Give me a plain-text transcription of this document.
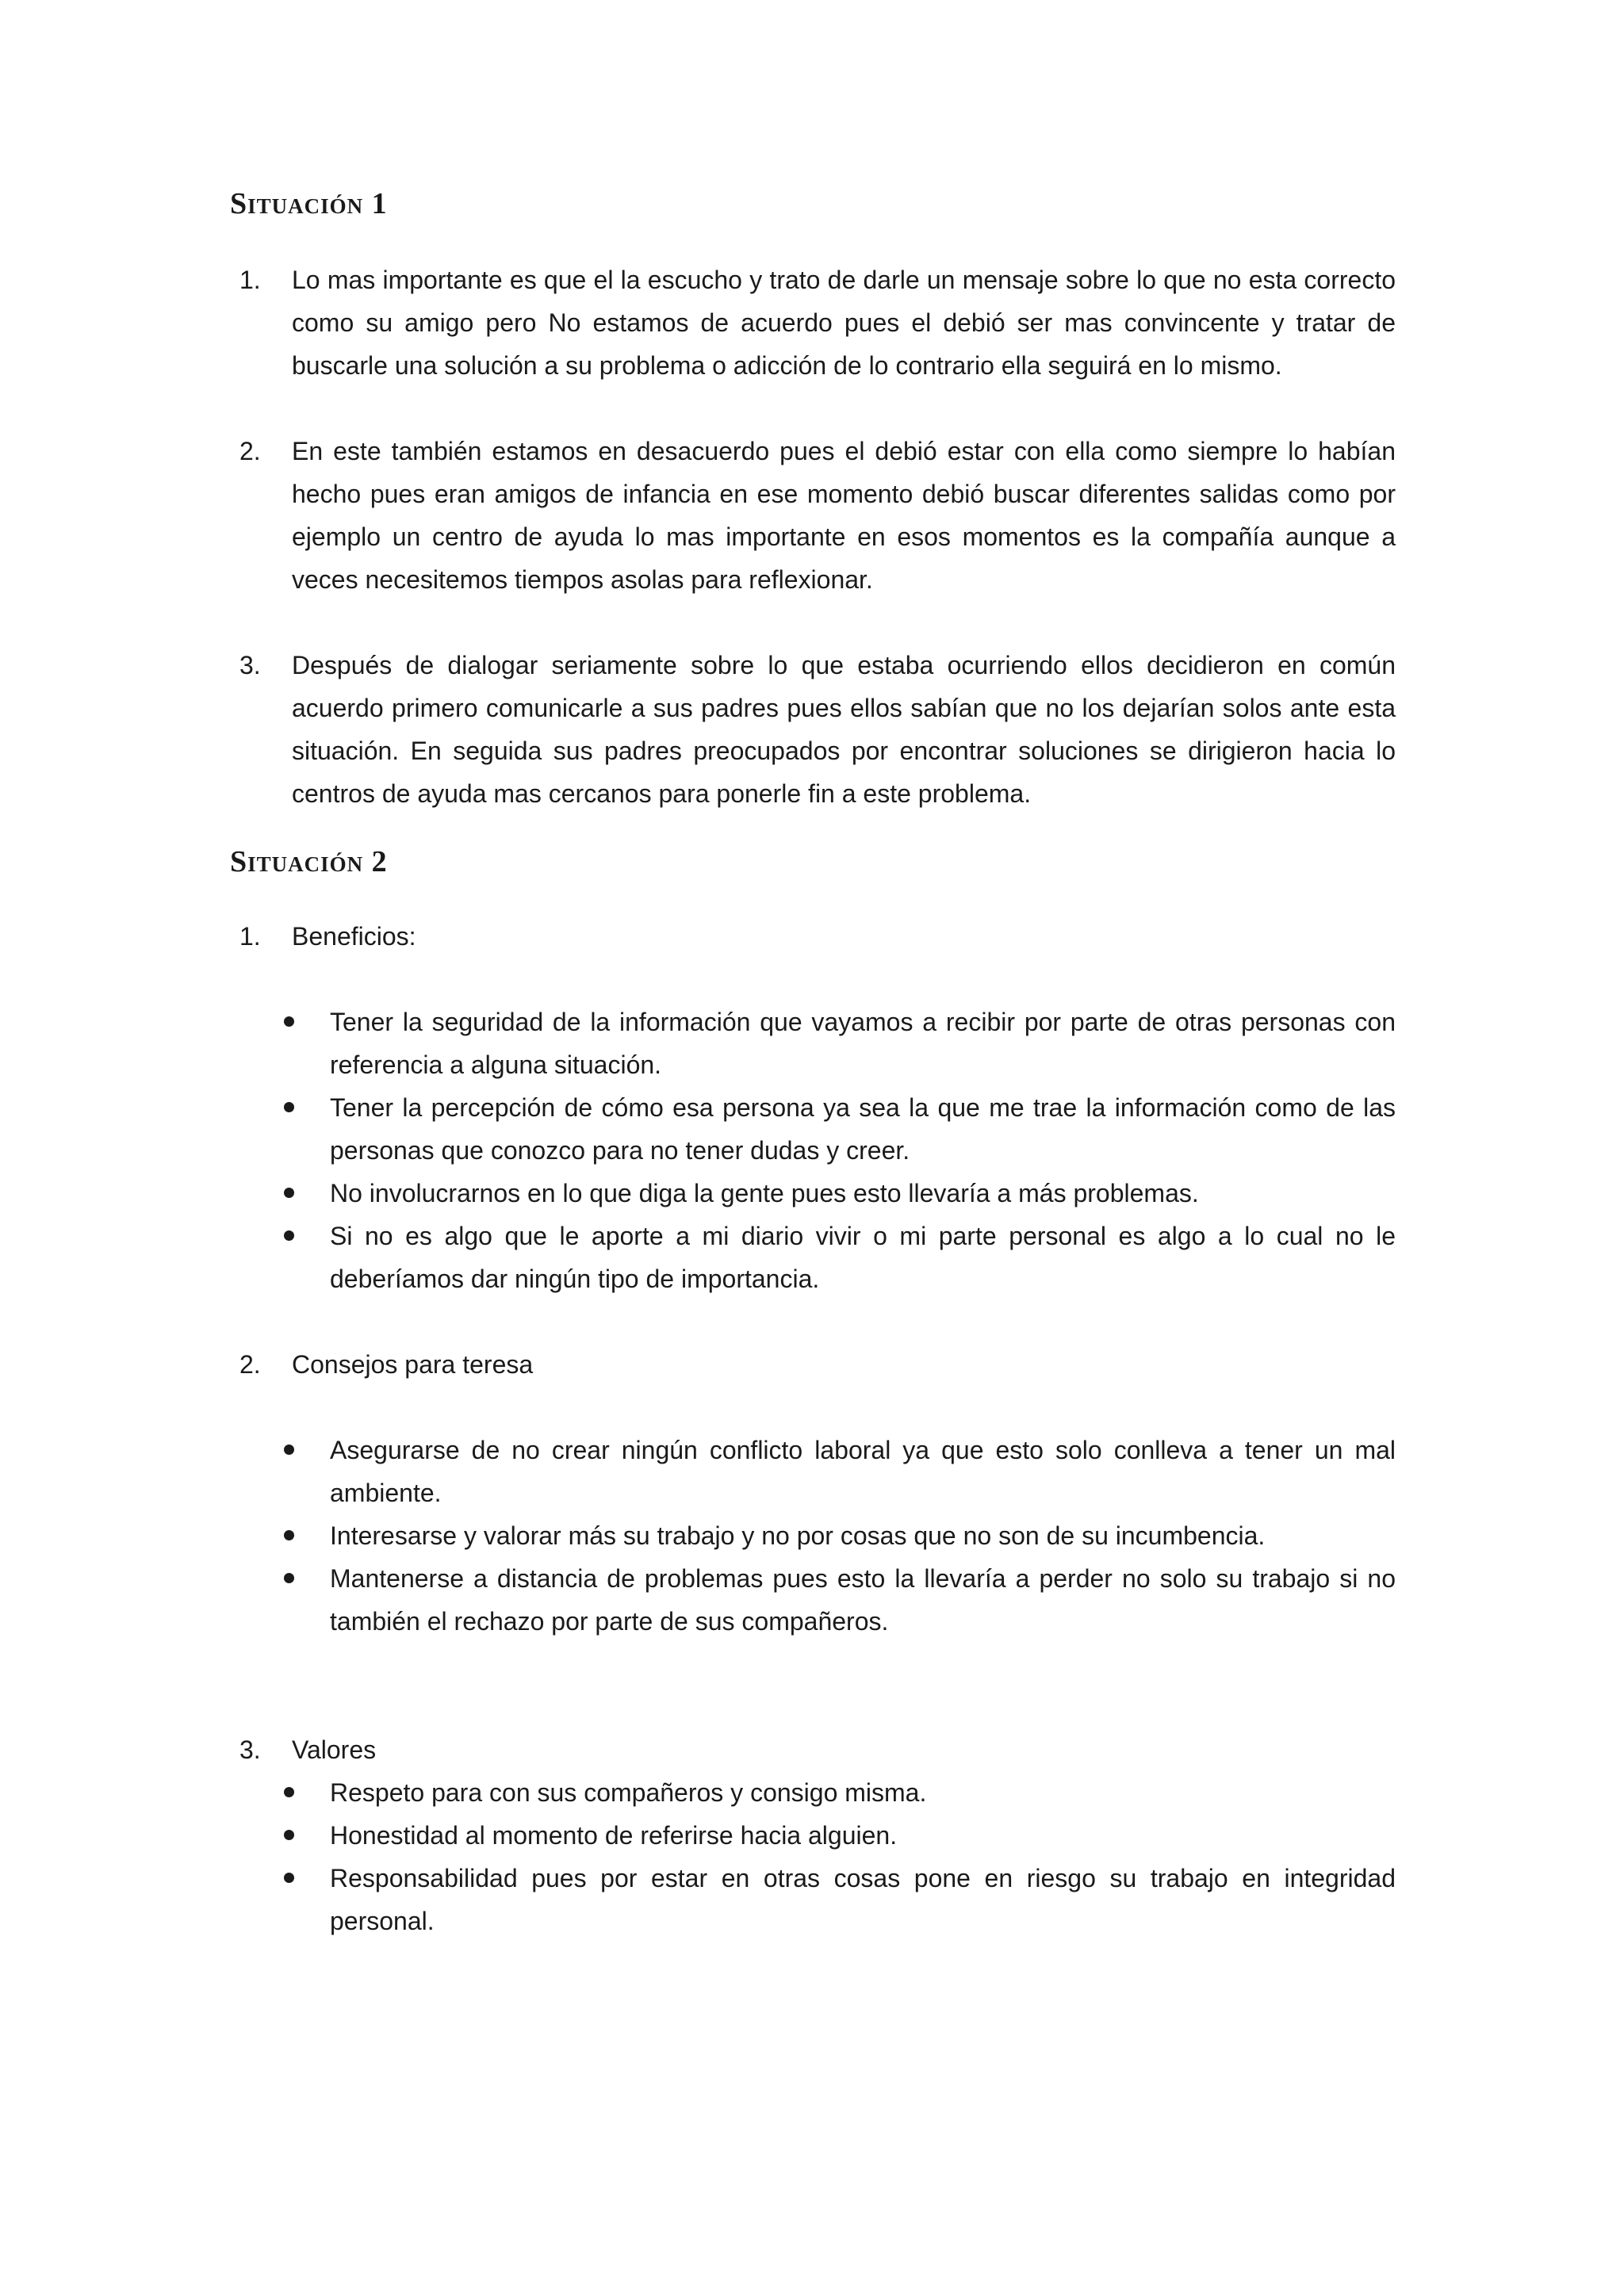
Situación 1
1. Lo mas importante es que el la escucho y trato de darle un mensaje sobre lo que no esta correcto como su amigo pero No estamos de acuerdo pues el debió ser mas convincente y tratar de buscarle una solución a su problema o adicción de lo contrario ella seguirá en lo mismo.
2. En este también estamos en desacuerdo pues el debió estar con ella como siempre lo habían hecho pues eran amigos de infancia en ese momento debió buscar diferentes salidas como por ejemplo un centro de ayuda lo mas importante en esos momentos es la compañía aunque a veces necesitemos tiempos asolas para reflexionar.
3. Después de dialogar seriamente sobre lo que estaba ocurriendo ellos decidieron en común acuerdo primero comunicarle a sus padres pues ellos sabían que no los dejarían solos ante esta situación. En seguida sus padres preocupados por encontrar soluciones se dirigieron hacia lo centros de ayuda mas cercanos para ponerle fin a este problema.
Situación 2
1. Beneficios:
Tener la seguridad de la información que vayamos a recibir por parte de otras personas con referencia a alguna situación.
Tener la percepción de cómo esa persona ya sea la que me trae la información como de las personas que conozco para no tener dudas y creer.
No involucrarnos en lo que diga la gente pues esto llevaría a más problemas.
Si no es algo que le aporte a mi diario vivir o mi parte personal es algo a lo cual no le deberíamos dar ningún tipo de importancia.
2. Consejos para teresa
Asegurarse de no crear ningún conflicto laboral ya que esto solo conlleva a tener un mal ambiente.
Interesarse y valorar más su trabajo y no por cosas que no son de su incumbencia.
Mantenerse a distancia de problemas pues esto la llevaría a perder no solo su trabajo si no también el rechazo por parte de sus compañeros.
3. Valores
Respeto para con sus compañeros y consigo misma.
Honestidad al momento de referirse hacia alguien.
Responsabilidad pues por estar en otras cosas pone en riesgo su trabajo en integridad personal.
